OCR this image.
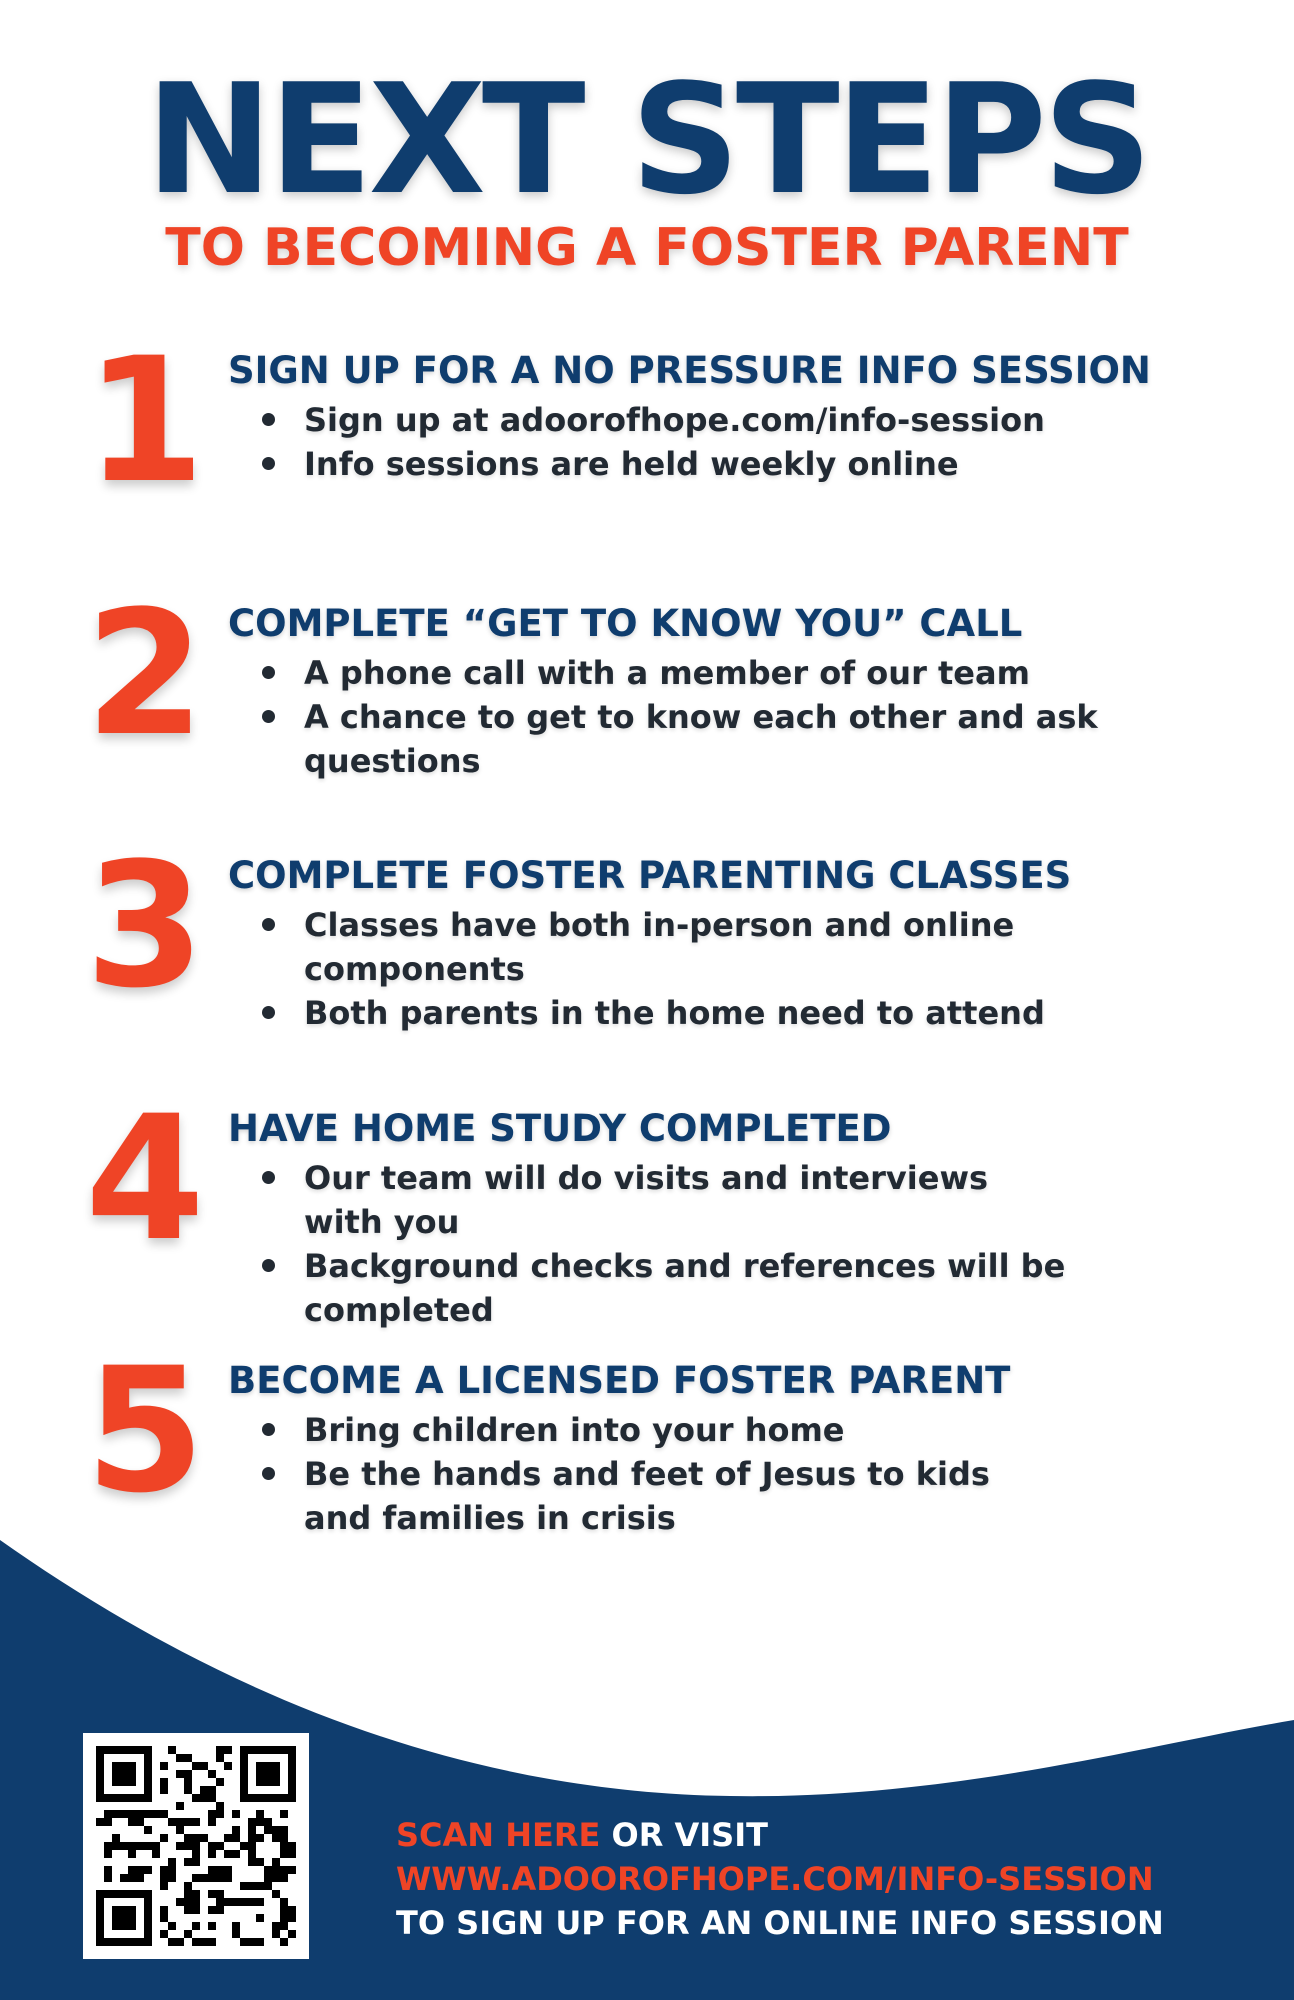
NEXT STEPS
TO BECOMING A FOSTER PARENT
1 SIGN UP FOR A NO PRESSURE INFO SESSION
Sign up at adoorofhope.com/info-session
Info sessions are held weekly online
2 COMPLETE “GET TO KNOW YOU” CALL
A phone call with a member of our team
A chance to get to know each other and ask questions
3 COMPLETE FOSTER PARENTING CLASSES
Classes have both in-person and online components
Both parents in the home need to attend
4 HAVE HOME STUDY COMPLETED
Our team will do visits and interviews with you
Background checks and references will be completed
5 BECOME A LICENSED FOSTER PARENT
Bring children into your home
Be the hands and feet of Jesus to kids and families in crisis
SCAN HERE OR VISIT
WWW.ADOOROFHOPE.COM/INFO-SESSION
TO SIGN UP FOR AN ONLINE INFO SESSION
